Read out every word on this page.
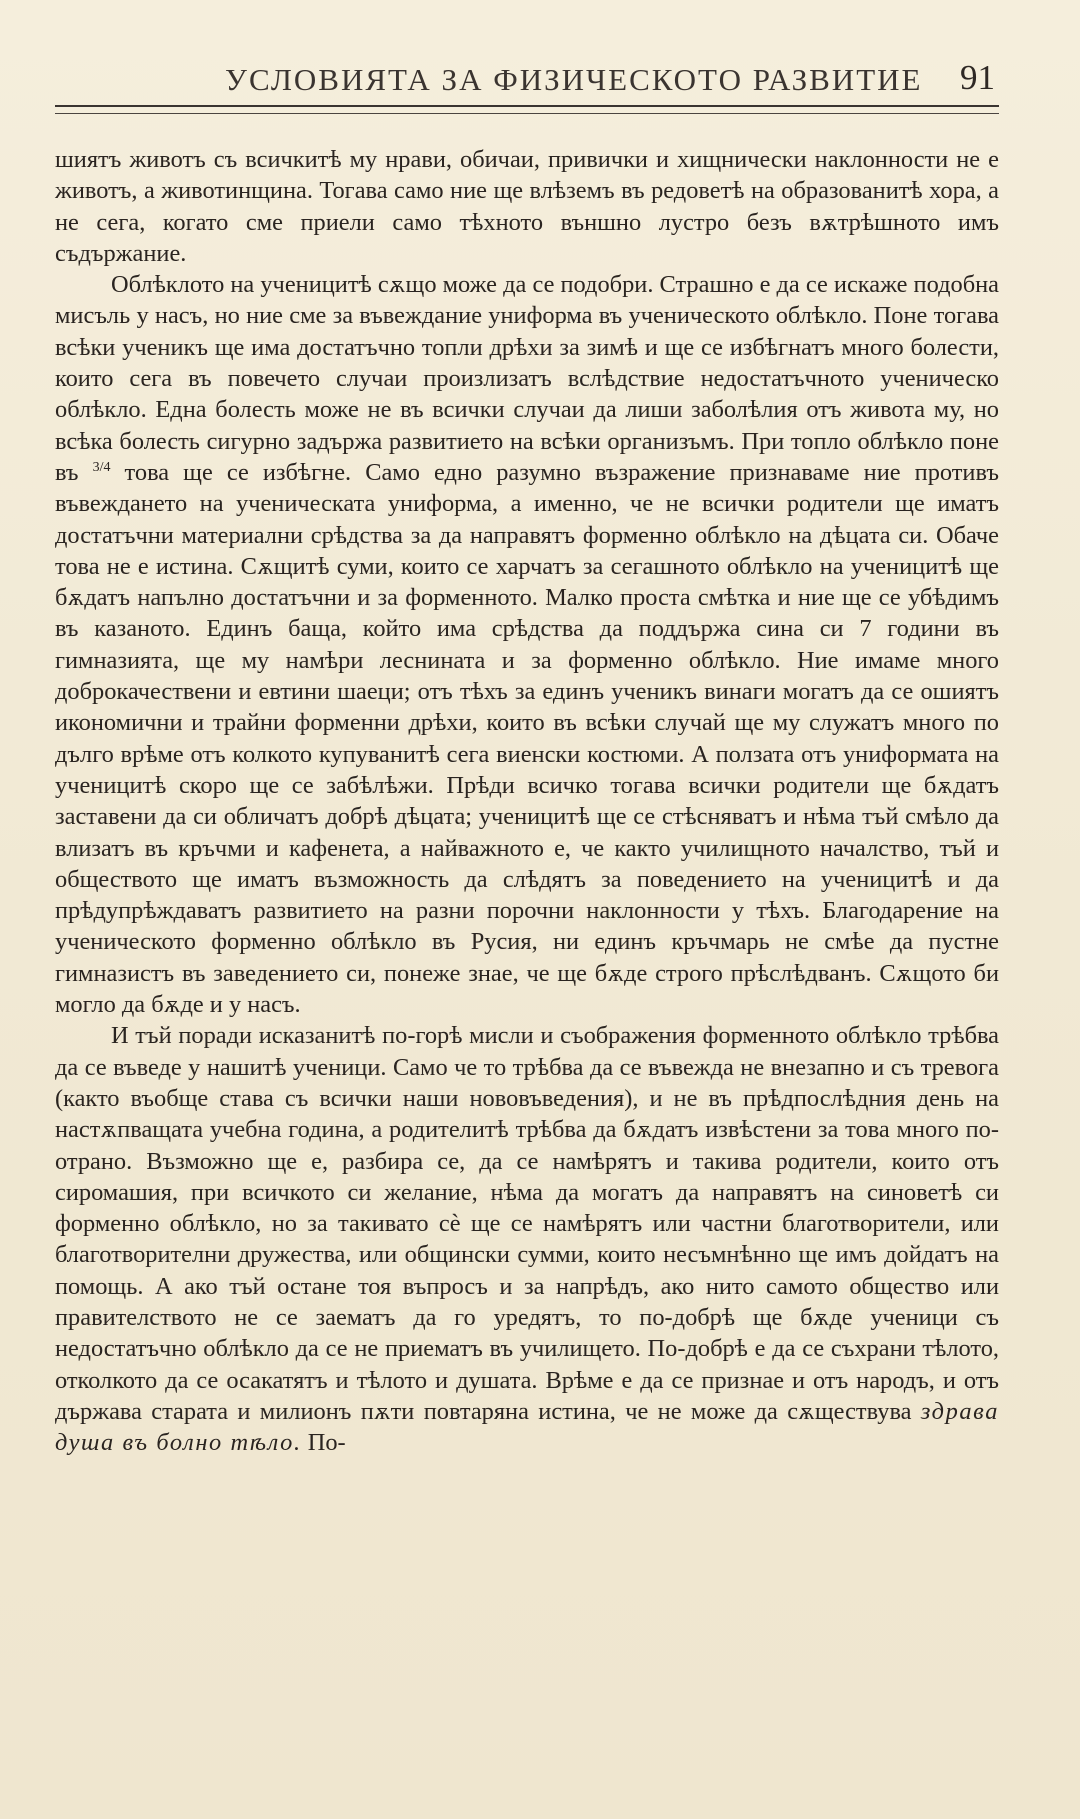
УСЛОВИЯТА ЗА ФИЗИЧЕСКОТО РАЗВИТИЕ 91

шиятъ животъ съ всичкитѣ му нрави, обичаи, привички и хищнически наклонности не е животъ, а животинщина. Тогава само ние ще влѣземъ въ редоветѣ на образованитѣ хора, а не сега, когато сме приели само тѣхното външно лустро безъ вѫтрѣшното имъ съдържание.

Облѣклото на ученицитѣ сѫщо може да се подобри. Страшно е да се искаже подобна мисъль у насъ, но ние сме за въвеждание униформа въ ученическото облѣкло. Поне тогава всѣки ученикъ ще има достатъчно топли дрѣхи за зимѣ и ще се избѣгнатъ много болести, които сега въ повечето случаи произлизатъ вслѣдствие недостатъчното ученическо облѣкло. Една болесть може не въ всички случаи да лиши заболѣлия отъ живота му, но всѣка болесть сигурно задържа развитието на всѣки организъмъ. При топло облѣкло поне въ $^{3/4}$ това ще се избѣгне. Само едно разумно възражение признаваме ние противъ въвеждането на ученическата униформа, а именно, че не всички родители ще иматъ достатъчни материални срѣдства за да направятъ форменно облѣкло на дѣцата си. Обаче това не е истина. Сѫщитѣ суми, които се харчатъ за сегашното облѣкло на ученицитѣ ще бѫдатъ напълно достатъчни и за форменното. Малко проста смѣтка и ние ще се убѣдимъ въ казаното. Единъ баща, който има срѣдства да поддържа сина си 7 години въ гимназията, ще му намѣри леснината и за форменно облѣкло. Ние имаме много доброкачествени и евтини шаеци; отъ тѣхъ за единъ ученикъ винаги могатъ да се ошиятъ икономични и трайни форменни дрѣхи, които въ всѣки случай ще му служатъ много по дълго врѣме отъ колкото купуванитѣ сега виенски костюми. А ползата отъ униформата на ученицитѣ скоро ще се забѣлѣжи. Прѣди всичко тогава всички родители ще бѫдатъ заставени да си обличатъ добрѣ дѣцата; ученицитѣ ще се стѣсняватъ и нѣма тъй смѣло да влизатъ въ кръчми и кафенета, а найважното е, че както училищното началство, тъй и обществото ще иматъ възможность да слѣдятъ за поведението на ученицитѣ и да прѣдупрѣждаватъ развитието на разни порочни наклонности у тѣхъ. Благодарение на ученическото форменно облѣкло въ Русия, ни единъ кръчмарь не смѣе да пустне гимназистъ въ заведението си, понеже знае, че ще бѫде строго прѣслѣдванъ. Сѫщото би могло да бѫде и у насъ.

И тъй поради исказанитѣ по-горѣ мисли и съображения форменното облѣкло трѣбва да се въведе у нашитѣ ученици. Само че то трѣбва да се въвежда не внезапно и съ тревога (както въобще става съ всички наши нововъведения), и не въ прѣдпослѣдния день на настѫпващата учебна година, а родителитѣ трѣбва да бѫдатъ извѣстени за това много по-отрано. Възможно ще е, разбира се, да се намѣрятъ и такива родители, които отъ сиромашия, при всичкото си желание, нѣма да могатъ да направятъ на синоветѣ си форменно облѣкло, но за такивато сѐ ще се намѣрятъ или частни благотворители, или благотворителни дружества, или общински сумми, които несъмнѣнно ще имъ дойдатъ на помощь. А ако тъй остане тоя въпросъ и за напрѣдъ, ако нито самото общество или правителството не се заематъ да го уредятъ, то по-добрѣ ще бѫде ученици съ недостатъчно облѣкло да се не приематъ въ училището. По-добрѣ е да се съхрани тѣлото, отколкото да се осакатятъ и тѣлото и душата. Врѣме е да се признае и отъ народъ, и отъ държава старата и милионъ пѫти повтаряна истина, че не може да сѫществува здрава душа въ болно тѣло. По-
